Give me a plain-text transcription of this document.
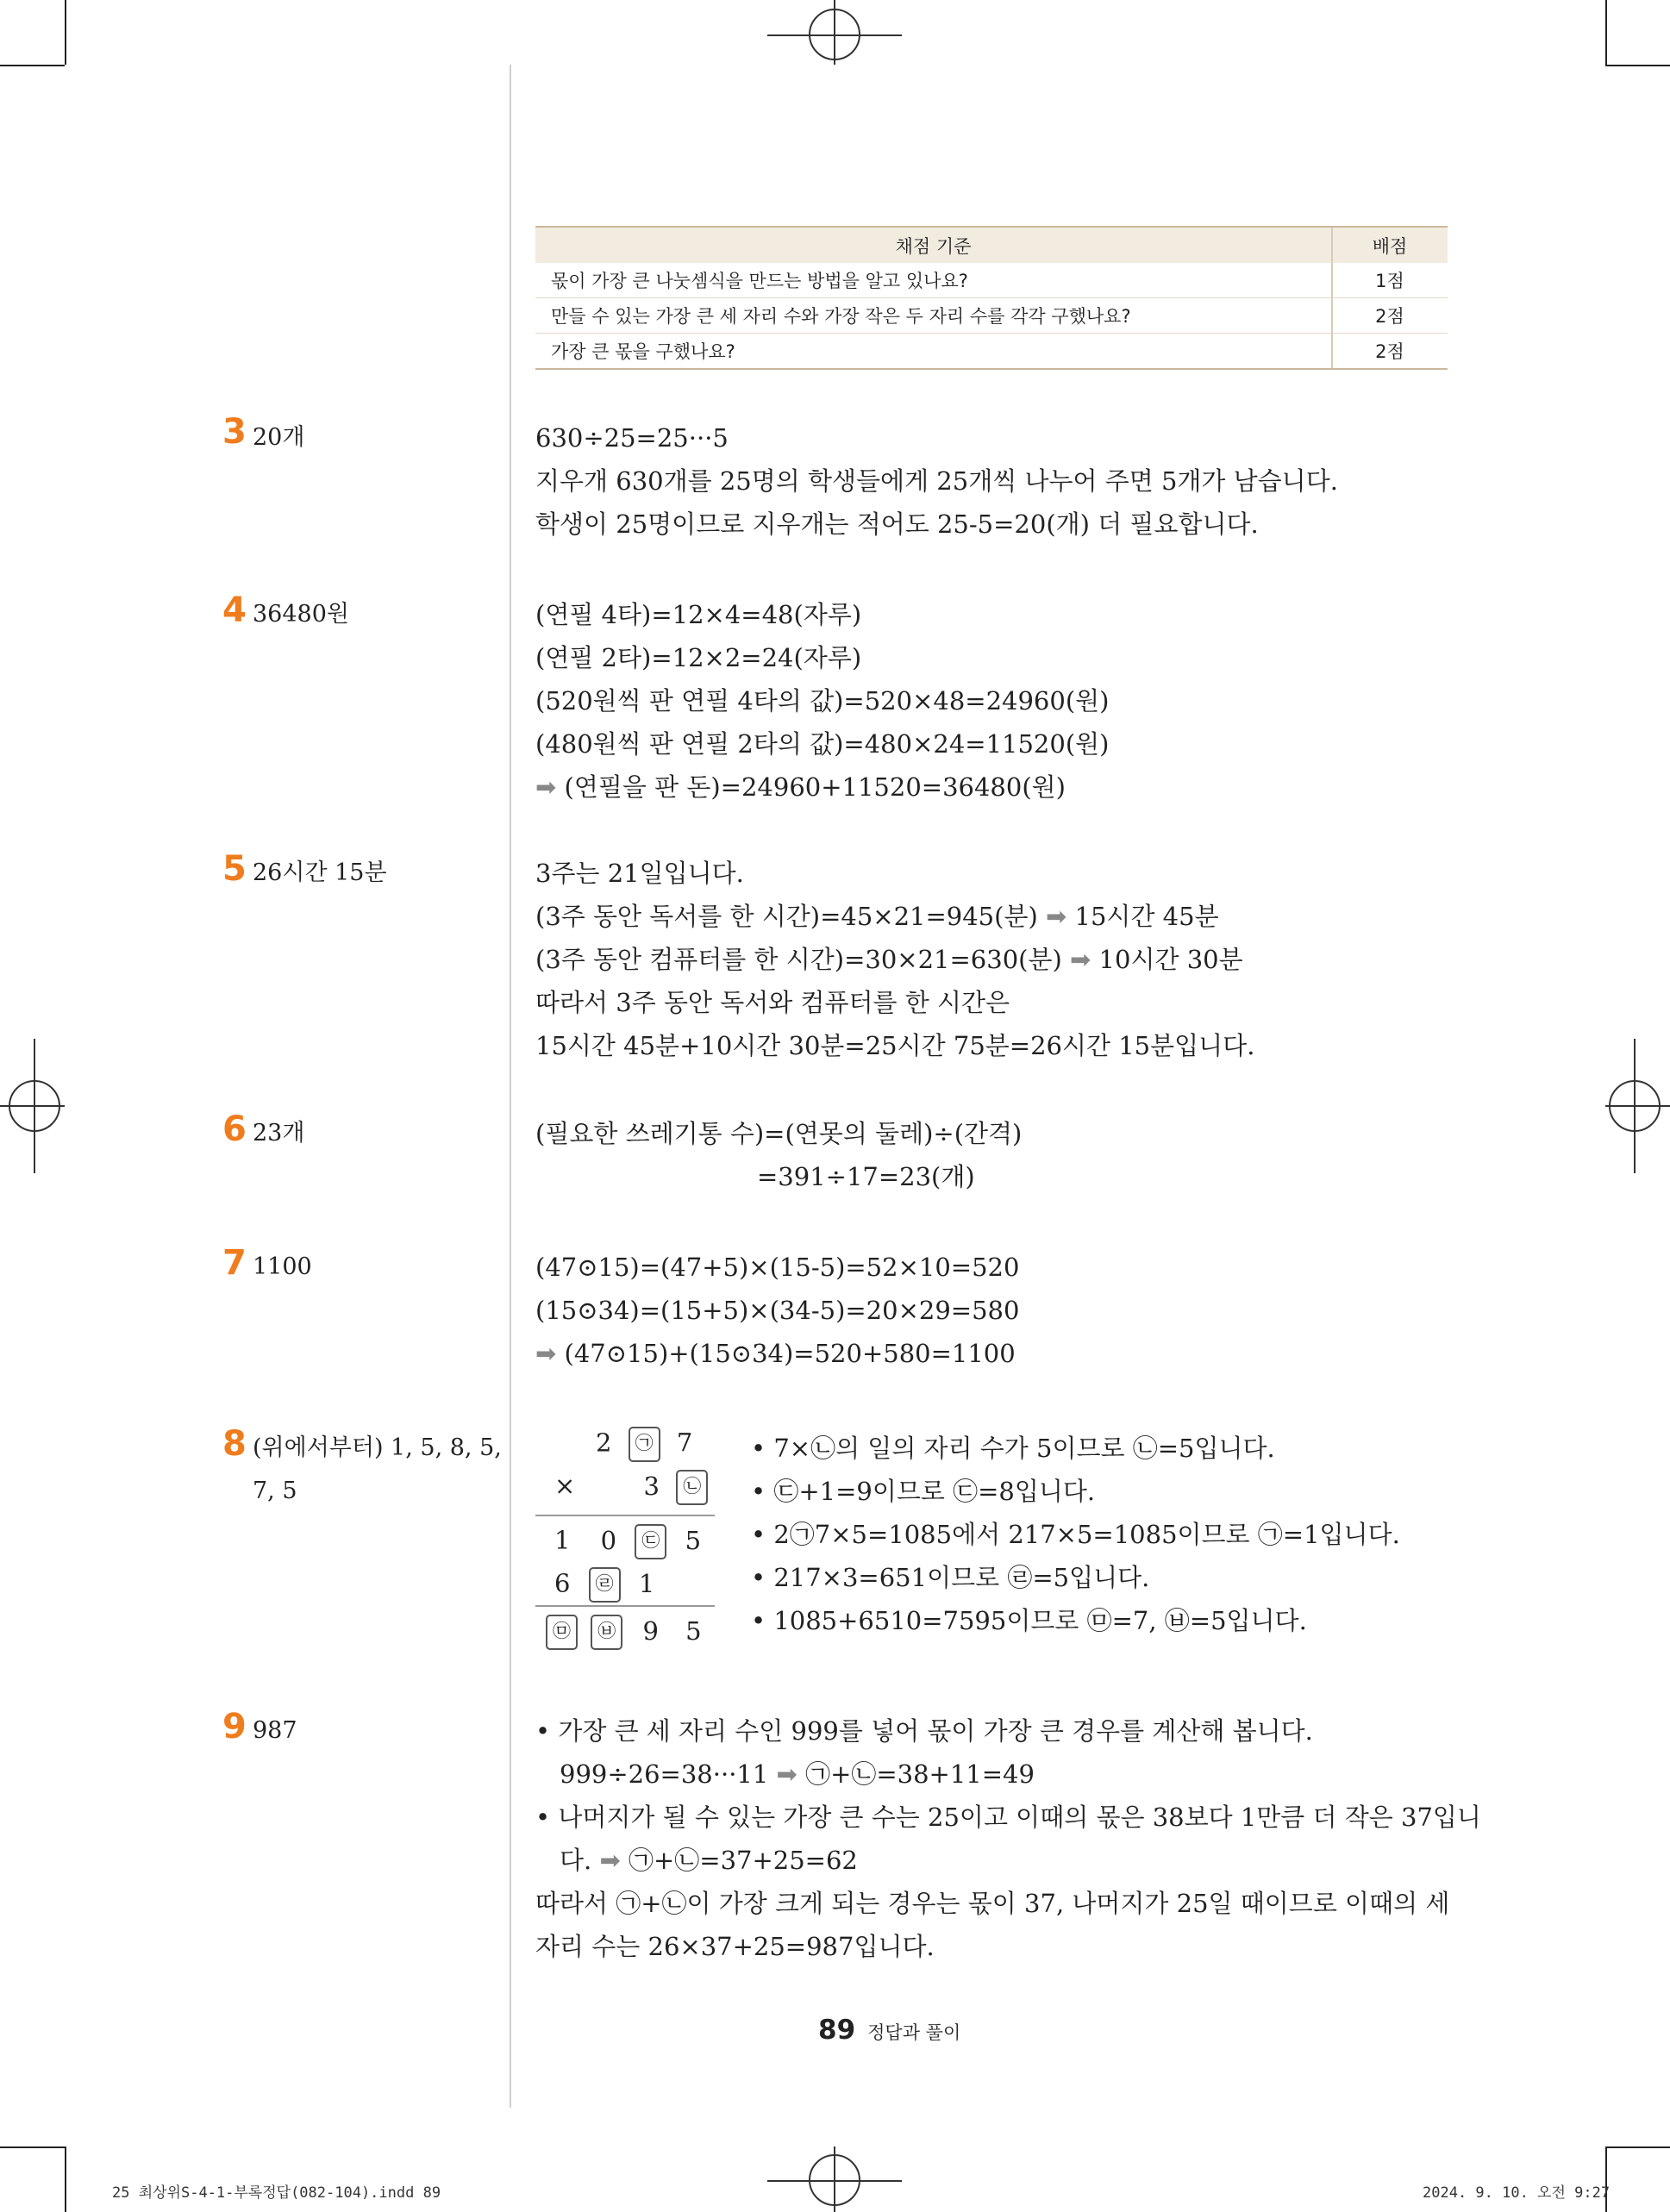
채점 기준	배점
몫이 가장 큰 나눗셈식을 만드는 방법을 알고 있나요?	1점
만들 수 있는 가장 큰 세 자리 수와 가장 작은 두 자리 수를 각각 구했나요?	2점
가장 큰 몫을 구했나요?	2점
3 20개	630÷25=25···5
지우개 630개를 25명의 학생들에게 25개씩 나누어 주면 5개가 남습니다.
학생이 25명이므로 지우개는 적어도 25-5=20(개) 더 필요합니다.
4 36480원	(연필 4타)=12×4=48(자루)
(연필 2타)=12×2=24(자루)
(520원씩 판 연필 4타의 값)=520×48=24960(원)
(480원씩 판 연필 2타의 값)=480×24=11520(원)
➡ (연필을 판 돈)=24960+11520=36480(원)
5 26시간 15분	3주는 21일입니다.
(3주 동안 독서를 한 시간)=45×21=945(분) ➡ 15시간 45분
(3주 동안 컴퓨터를 한 시간)=30×21=630(분) ➡ 10시간 30분
따라서 3주 동안 독서와 컴퓨터를 한 시간은
15시간 45분+10시간 30분=25시간 75분=26시간 15분입니다.
6 23개	(필요한 쓰레기통 수)=(연못의 둘레)÷(간격)
=391÷17=23(개)
7 1100	(47⊙15)=(47+5)×(15-5)=52×10=520
(15⊙34)=(15+5)×(34-5)=20×29=580
➡ (47⊙15)+(15⊙34)=520+580=1100
8 (위에서부터) 1, 5, 8, 5,
7, 5
2 ㉠ 7
×	3 ㉡
1 0 ㉢ 5
6 ㉣ 1
㉤ ㉥ 9 5
• 7×㉡의 일의 자리 수가 5이므로 ㉡=5입니다.
• ㉢+1=9이므로 ㉢=8입니다.
• 2㉠7×5=1085에서 217×5=1085이므로 ㉠=1입니다.
• 217×3=651이므로 ㉣=5입니다.
• 1085+6510=7595이므로 ㉤=7, ㉥=5입니다.
9 987	• 가장 큰 세 자리 수인 999를 넣어 몫이 가장 큰 경우를 계산해 봅니다.
999÷26=38···11 ➡ ㉠+㉡=38+11=49
• 나머지가 될 수 있는 가장 큰 수는 25이고 이때의 몫은 38보다 1만큼 더 작은 37입니
다. ➡ ㉠+㉡=37+25=62
따라서 ㉠+㉡이 가장 크게 되는 경우는 몫이 37, 나머지가 25일 때이므로 이때의 세
자리 수는 26×37+25=987입니다.
89 정답과 풀이
25 최상위S-4-1-부록정답(082-104).indd 89	2024. 9. 10. 오전 9:27
